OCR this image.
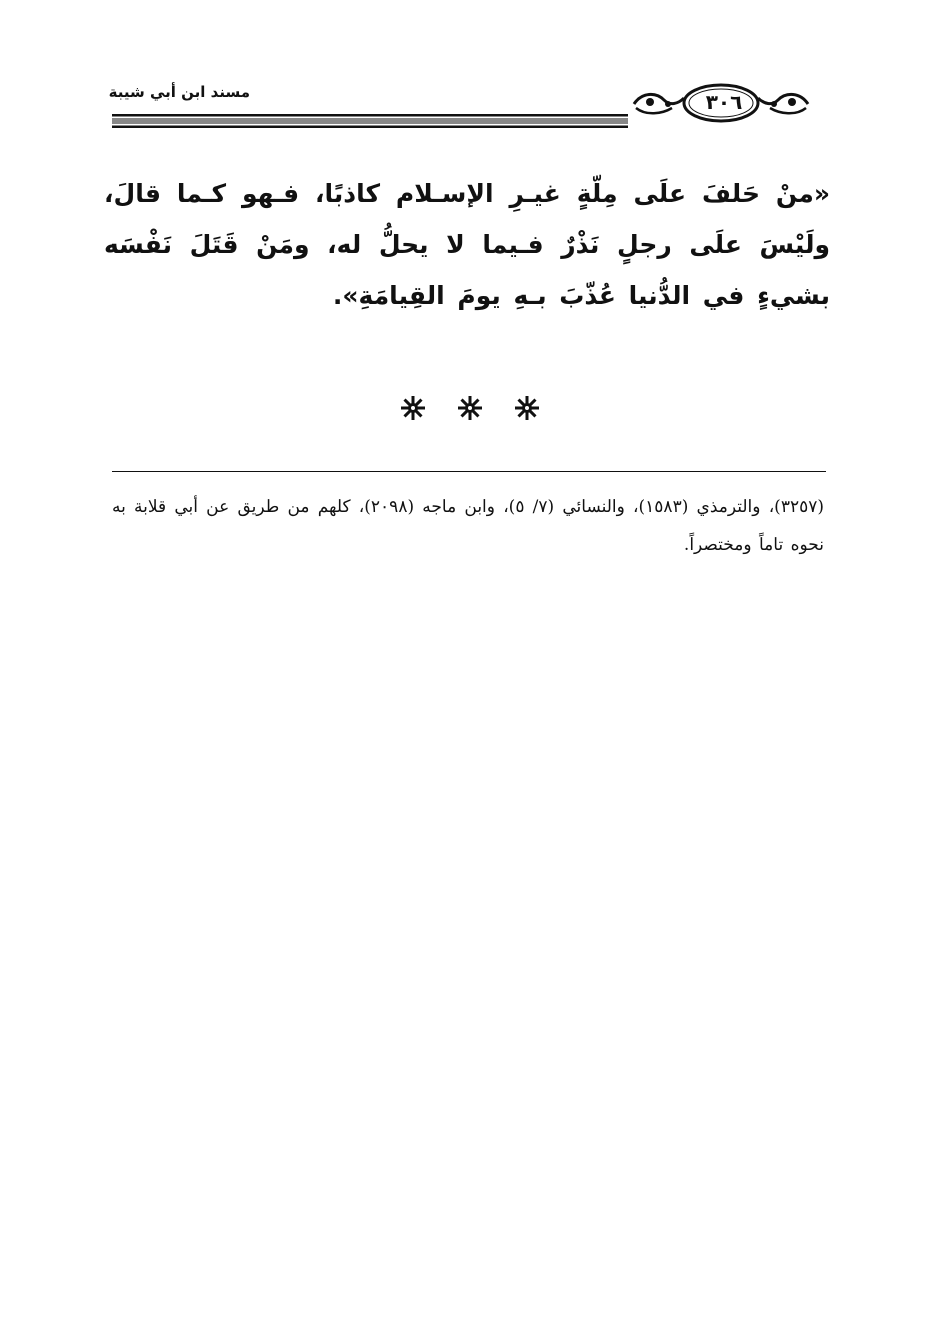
مسند ابن أبي شيبة	٣٠٦
«منْ حَلفَ علَى مِلّةٍ غيـرِ الإسـلام كاذبًا، فـهو كـما قالَ، ولَيْسَ علَى رجلٍ نَذْرٌ فـيما لا يحلُّ له، ومَنْ قَتَلَ نَفْسَه بشيءٍ في الدُّنيا عُذّبَ بـهِ يومَ القِيامَةِ».
(٣٢٥٧)، والترمذي (١٥٨٣)، والنسائي (٧/ ٥)، وابن ماجه (٢٠٩٨)، كلهم من طريق عن أبي قلابة به نحوه تاماً ومختصراً.
